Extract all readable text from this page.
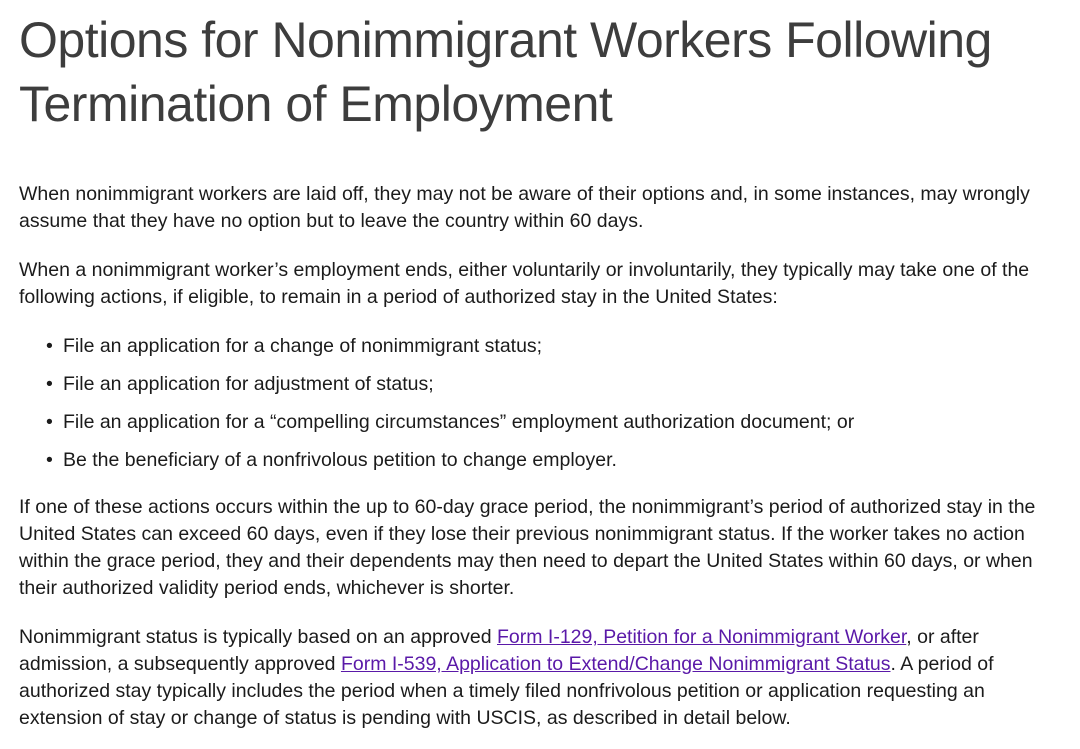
Options for Nonimmigrant Workers Following Termination of Employment

When nonimmigrant workers are laid off, they may not be aware of their options and, in some instances, may wrongly assume that they have no option but to leave the country within 60 days.

When a nonimmigrant worker’s employment ends, either voluntarily or involuntarily, they typically may take one of the following actions, if eligible, to remain in a period of authorized stay in the United States:

• File an application for a change of nonimmigrant status;
• File an application for adjustment of status;
• File an application for a “compelling circumstances” employment authorization document; or
• Be the beneficiary of a nonfrivolous petition to change employer.

If one of these actions occurs within the up to 60-day grace period, the nonimmigrant’s period of authorized stay in the United States can exceed 60 days, even if they lose their previous nonimmigrant status. If the worker takes no action within the grace period, they and their dependents may then need to depart the United States within 60 days, or when their authorized validity period ends, whichever is shorter.

Nonimmigrant status is typically based on an approved Form I-129, Petition for a Nonimmigrant Worker, or after admission, a subsequently approved Form I-539, Application to Extend/Change Nonimmigrant Status. A period of authorized stay typically includes the period when a timely filed nonfrivolous petition or application requesting an extension of stay or change of status is pending with USCIS, as described in detail below.
